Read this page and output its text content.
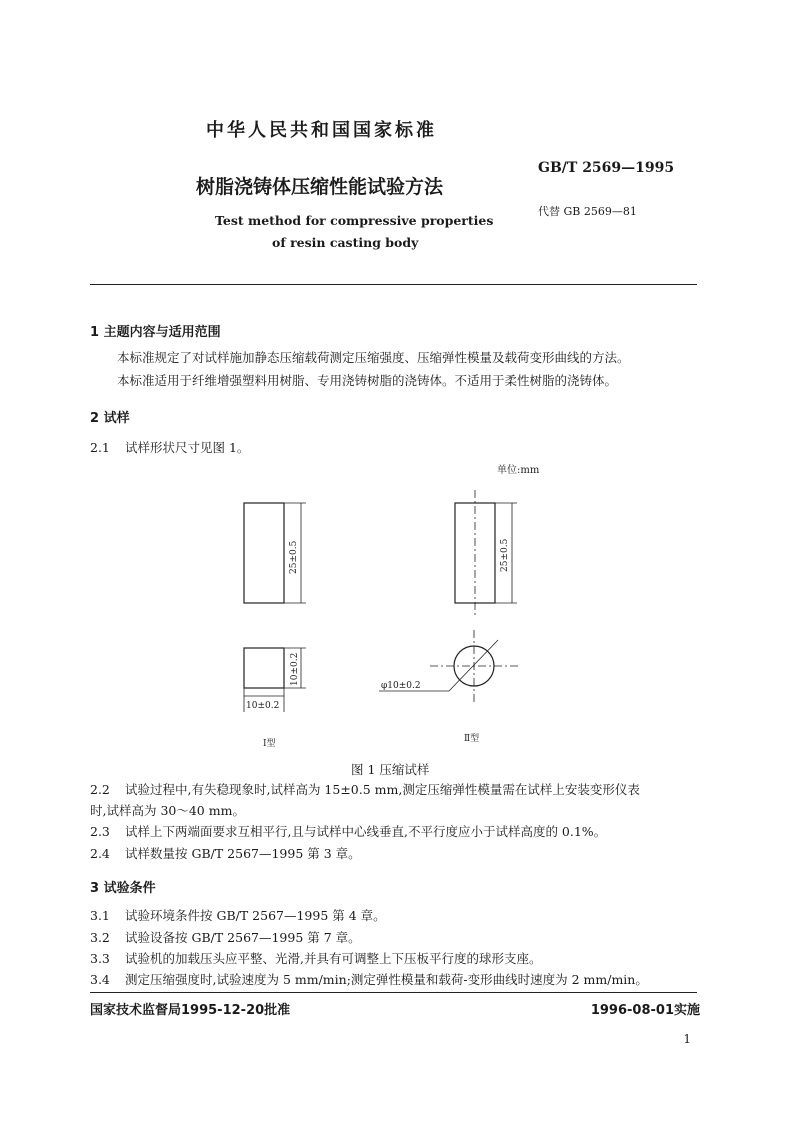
中华人民共和国国家标准
树脂浇铸体压缩性能试验方法
GB/T 2569—1995
代替 GB 2569—81
Test method for compressive properties
of resin casting body
1 主题内容与适用范围
本标准规定了对试样施加静态压缩载荷测定压缩强度、压缩弹性模量及载荷变形曲线的方法。
本标准适用于纤维增强塑料用树脂、专用浇铸树脂的浇铸体。不适用于柔性树脂的浇铸体。
2 试样
2.1 试样形状尺寸见图 1。
单位:mm
25±0.5
10±0.2
10±0.2
25±0.5
φ10±0.2
Ⅰ型	Ⅱ型
图 1 压缩试样
2.2 试验过程中,有失稳现象时,试样高为 15±0.5 mm,测定压缩弹性模量需在试样上安装变形仪表
时,试样高为 30～40 mm。
2.3 试样上下两端面要求互相平行,且与试样中心线垂直,不平行度应小于试样高度的 0.1%。
2.4 试样数量按 GB/T 2567—1995 第 3 章。
3 试验条件
3.1 试验环境条件按 GB/T 2567—1995 第 4 章。
3.2 试验设备按 GB/T 2567—1995 第 7 章。
3.3 试验机的加载压头应平整、光滑,并具有可调整上下压板平行度的球形支座。
3.4 测定压缩强度时,试验速度为 5 mm/min;测定弹性模量和载荷-变形曲线时速度为 2 mm/min。
国家技术监督局1995-12-20批准	1996-08-01实施
1
